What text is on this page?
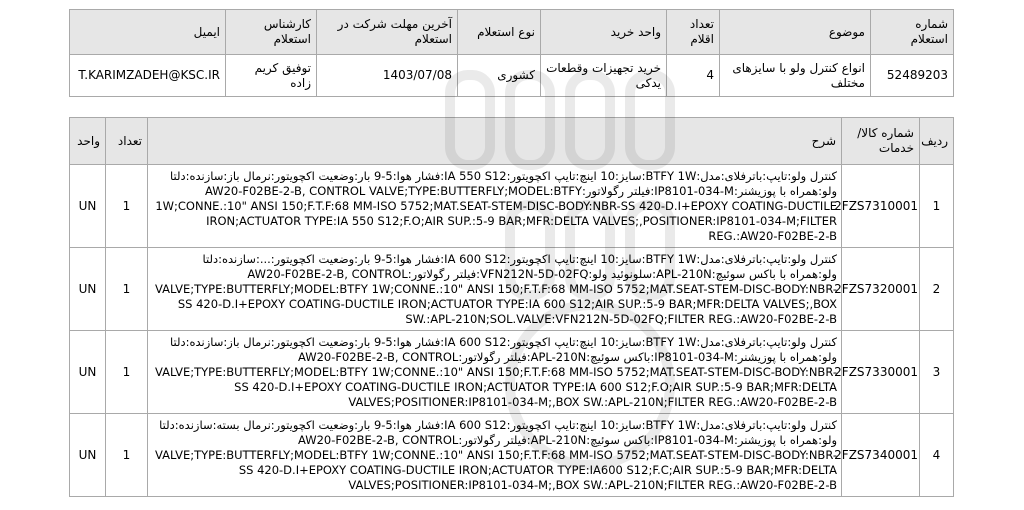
شماره استعلام	موضوع	تعداد اقلام	واحد خرید	نوع استعلام	آخرین مهلت شرکت در استعلام	کارشناس استعلام	ایمیل
52489203	انواع کنترل ولو با سایزهای مختلف	4	خرید تجهیزات وقطعات یدکی	کشوری	1403/07/08	توفیق کریم زاده	T.KARIMZADEH@KSC.IR
ردیف	شماره کالا/خدمات	شرح	تعداد	واحد
1	2FZS7310001	کنترل ولو:تایپ:باترفلای:مدل:BTFY 1W:سایز:10 اینچ:تایپ اکچویتور:IA 550 S12:فشار هوا:5-9 بار:وضعیت اکچویتور:نرمال باز:سازنده:دلتا ولو:همراه با پوزیشنر:IP8101-034-M:فیلتر رگولاتور:AW20-F02BE-2-B, CONTROL VALVE;TYPE:BUTTERFLY;MODEL:BTFY 1W;CONNE.:10" ANSI 150;F.T.F:68 MM-ISO 5752;MAT.SEAT-STEM-DISC-BODY:NBR-SS 420-D.I+EPOXY COATING-DUCTILE IRON;ACTUATOR TYPE:IA 550 S12;F.O;AIR SUP.:5-9 BAR;MFR:DELTA VALVES;,POSITIONER:IP8101-034-M;FILTER REG.:AW20-F02BE-2-B	1	UN
2	2FZS7320001	کنترل ولو:تایپ:باترفلای:مدل:BTFY 1W:سایز:10 اینچ:تایپ اکچویتور:IA 600 S12:فشار هوا:5-9 بار:وضعیت اکچویتور:...:سازنده:دلتا ولو:همراه با باکس سوئیچ:APL-210N:سلونوئید ولو:VFN212N-5D-02FQ:فیلتر رگولاتور:AW20-F02BE-2-B, CONTROL VALVE;TYPE:BUTTERFLY;MODEL:BTFY 1W;CONNE.:10" ANSI 150;F.T.F:68 MM-ISO 5752;MAT.SEAT-STEM-DISC-BODY:NBR-SS 420-D.I+EPOXY COATING-DUCTILE IRON;ACTUATOR TYPE:IA 600 S12;AIR SUP.:5-9 BAR;MFR:DELTA VALVES;,BOX SW.:APL-210N;SOL.VALVE:VFN212N-5D-02FQ;FILTER REG.:AW20-F02BE-2-B	1	UN
3	2FZS7330001	کنترل ولو:تایپ:باترفلای:مدل:BTFY 1W:سایز:10 اینچ:تایپ اکچویتور:IA 600 S12:فشار هوا:5-9 بار:وضعیت اکچویتور:نرمال باز:سازنده:دلتا ولو:همراه با پوزیشنر:IP8101-034-M:باکس سوئیچ:APL-210N:فیلتر رگولاتور:AW20-F02BE-2-B, CONTROL VALVE;TYPE:BUTTERFLY;MODEL:BTFY 1W;CONNE.:10" ANSI 150;F.T.F:68 MM-ISO 5752;MAT.SEAT-STEM-DISC-BODY:NBR-SS 420-D.I+EPOXY COATING-DUCTILE IRON;ACTUATOR TYPE:IA 600 S12;F.O;AIR SUP.:5-9 BAR;MFR:DELTA VALVES;POSITIONER:IP8101-034-M;,BOX SW.:APL-210N;FILTER REG.:AW20-F02BE-2-B	1	UN
4	2FZS7340001	کنترل ولو:تایپ:باترفلای:مدل:BTFY 1W:سایز:10 اینچ:تایپ اکچویتور:IA 600 S12:فشار هوا:5-9 بار:وضعیت اکچویتور:نرمال بسته:سازنده:دلتا ولو:همراه با پوزیشنر:IP8101-034-M:باکس سوئیچ:APL-210N:فیلتر رگولاتور:AW20-F02BE-2-B, CONTROL VALVE;TYPE:BUTTERFLY;MODEL:BTFY 1W;CONNE.:10" ANSI 150;F.T.F:68 MM-ISO 5752;MAT.SEAT-STEM-DISC-BODY:NBR-SS 420-D.I+EPOXY COATING-DUCTILE IRON;ACTUATOR TYPE:IA600 S12;F.C;AIR SUP.:5-9 BAR;MFR:DELTA VALVES;POSITIONER:IP8101-034-M;,BOX SW.:APL-210N;FILTER REG.:AW20-F02BE-2-B	1	UN
